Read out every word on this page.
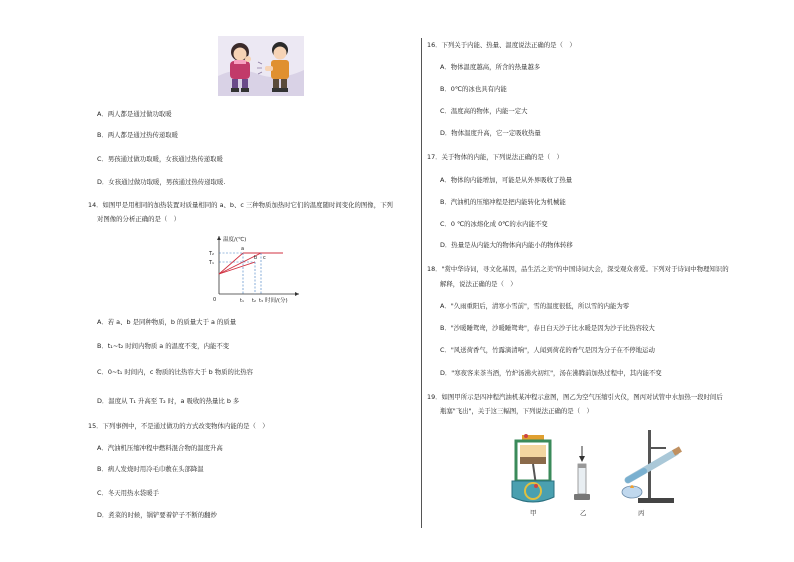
A．两人都是通过做功取暖
B．两人都是通过热传递取暖
C．男孩通过做功取暖，女孩通过热传递取暖
D．女孩通过做功取暖，男孩通过热传递取暖.
14．如图甲是用相同的加热装置对质量相同的 a、b、c 三种物质加热时它们的温度随时间变化的图像，下列
对图像的分析正确的是（　）
温度/(℃)
时间/(分)
0
T₂
T₁
a
b c
t₁ t₂ t₃
A．若 a、b 是同种物质，b 的质量大于 a 的质量
B．t₁~t₂ 时间内物质 a 的温度不变，内能不变
C．0~t₁ 时间内，c 物质的比热容大于 b 物质的比热容
D．温度从 T₁ 升高至 T₂ 时，a 吸收的热量比 b 多
15．下列事例中，不是通过做功的方式改变物体内能的是（　）
A．汽油机压缩冲程中燃料混合物的温度升高
B．病人发烧时用冷毛巾敷在头部降温
C．冬天用热水袋暖手
D．煮菜的时候，锅铲要着铲子不断的翻炒
16．下列关于内能、热量、温度说法正确的是（　）
A．物体温度越高，所含的热量越多
B．0℃的冰也具有内能
C．温度高的物体，内能一定大
D．物体温度升高，它一定吸收热量
17．关于物体的内能，下列说法正确的是（　）
A．物体的内能增加，可能是从外界吸收了热量
B．汽油机的压缩冲程是把内能转化为机械能
C．0 ℃的冰熔化成 0℃的水内能不变
D．热量是从内能大的物体向内能小的物体转移
18．"赏中华诗词，寻文化基因，品生活之美"的中国诗词大会，深受观众喜爱。下列对于诗词中物理知识的
解释，说法正确的是（　）
A．"久雨重阳后，清寒小雪前"，雪的温度很低，所以雪的内能为零
B．"沙暖睡鸳鸯，沙暖睡鸳鸯"，春日白天沙子比水暖是因为沙子比热容较大
C．"风送荷香气，竹露滴清响"，人闻到荷花的香气是因为分子在不停地运动
D．"寒夜客来茶当酒，竹炉汤沸火初红"，汤在沸腾前加热过程中，其内能不变
19．如图甲所示是四冲程汽油机某冲程示意图，图乙为空气压缩引火仪，图丙对试管中水加热一段时间后
瓶塞"飞出"，关于这三幅图，下列说法正确的是（　）
甲	乙	丙
